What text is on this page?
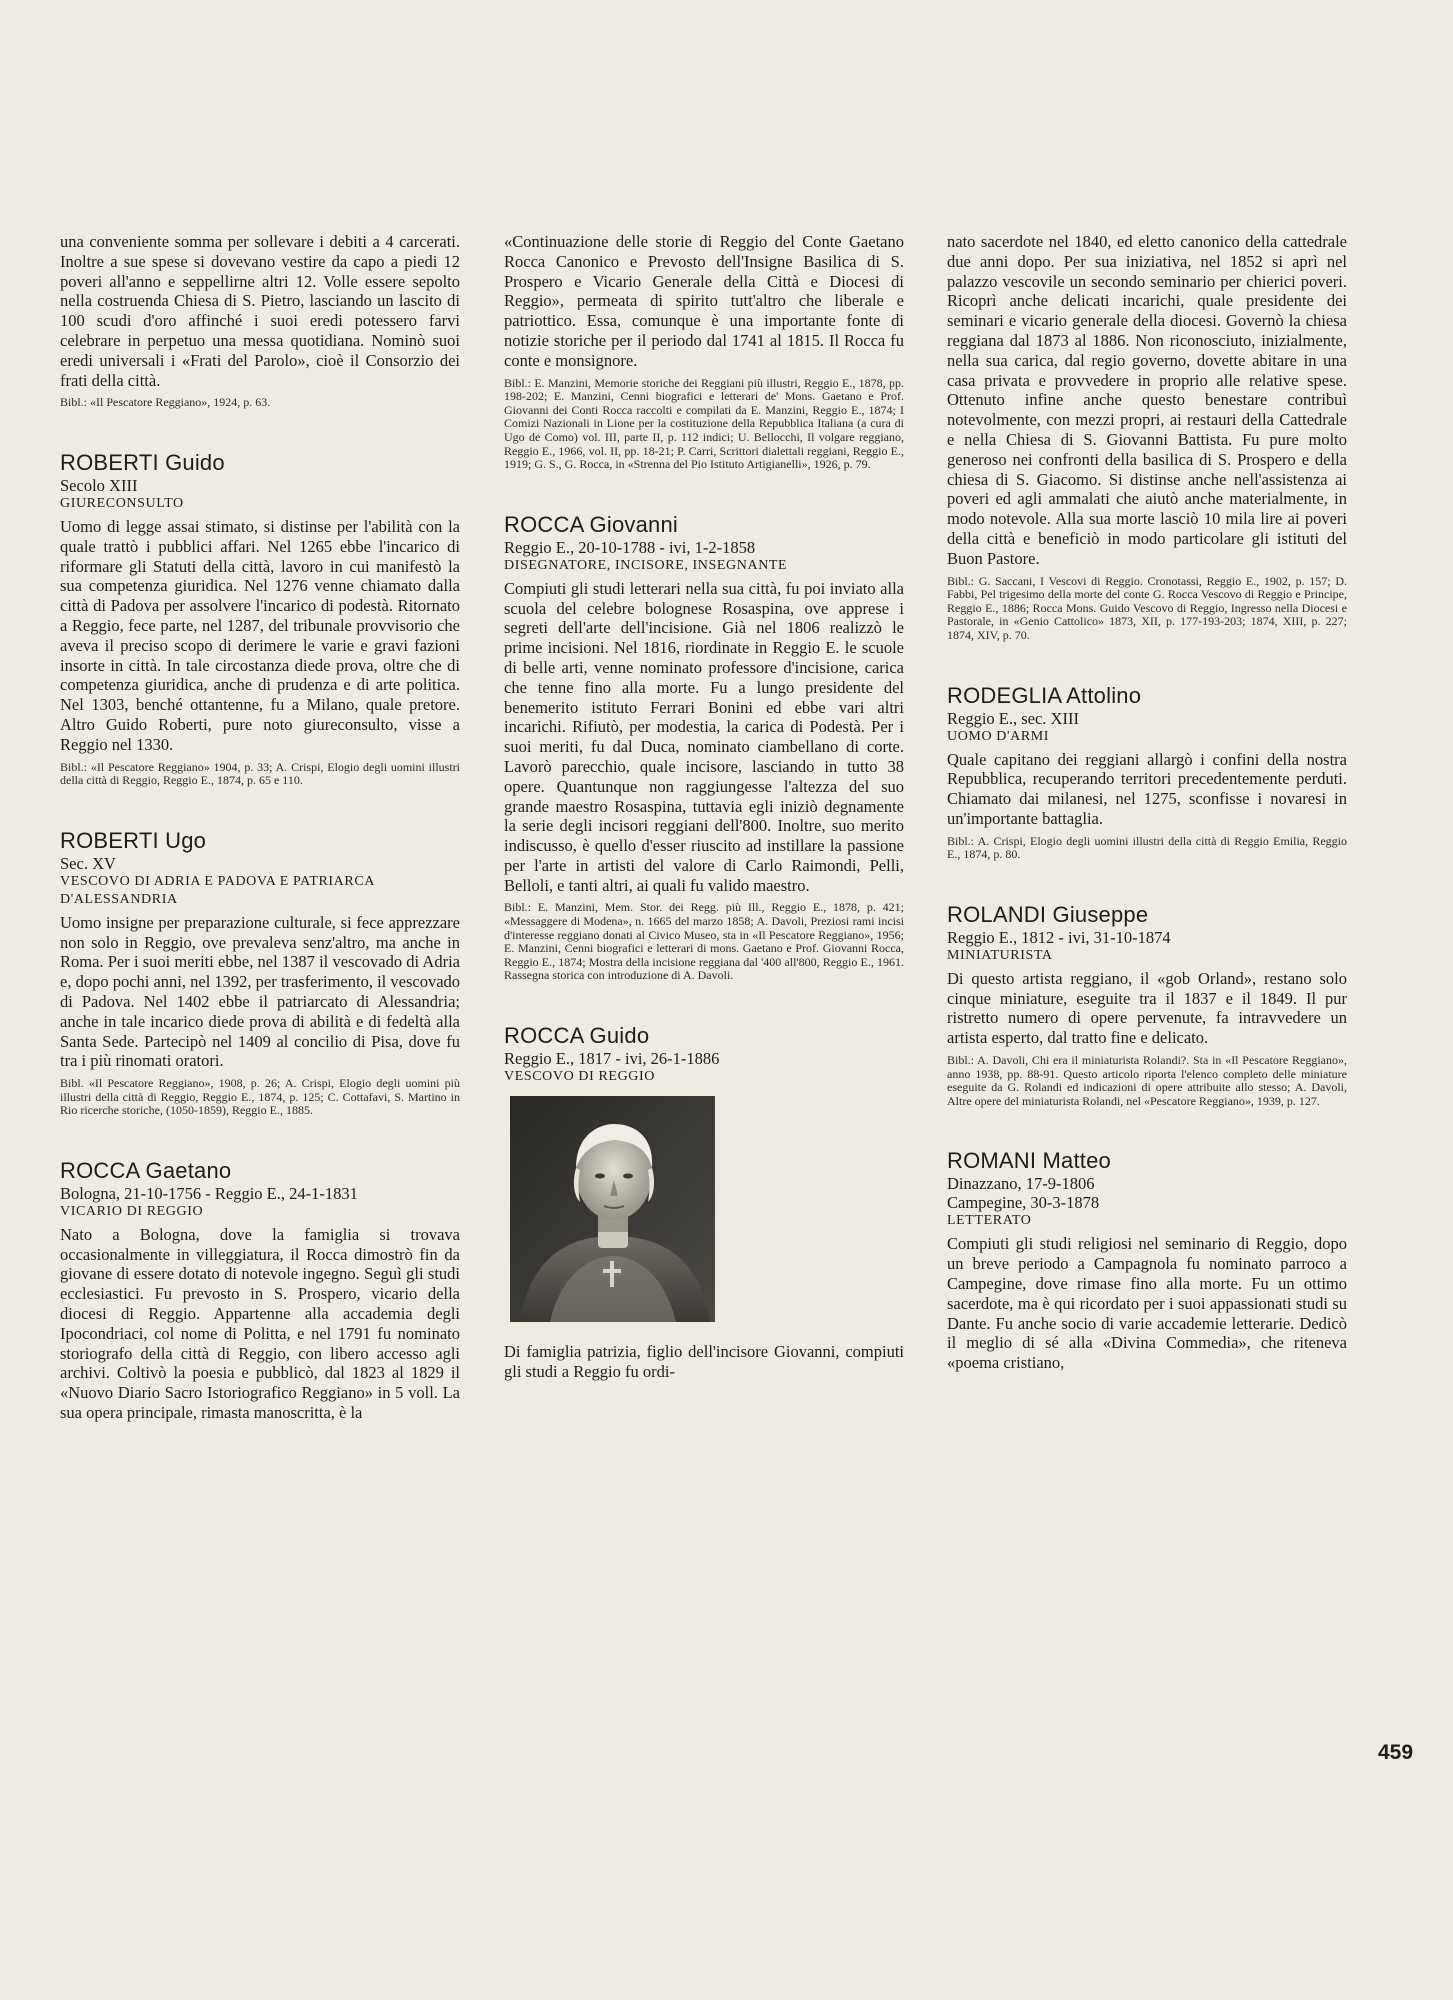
una conveniente somma per sollevare i debiti a 4 carcerati. Inoltre a sue spese si dovevano vestire da capo a piedi 12 poveri all'anno e seppellirne altri 12. Volle essere sepolto nella costruenda Chiesa di S. Pietro, lasciando un lascito di 100 scudi d'oro affinché i suoi eredi potessero farvi celebrare in perpetuo una messa quotidiana. Nominò suoi eredi universali i «Frati del Parolo», cioè il Consorzio dei frati della città.

Bibl.: «Il Pescatore Reggiano», 1924, p. 63.

ROBERTI Guido

Secolo XIII

GIURECONSULTO

Uomo di legge assai stimato, si distinse per l'abilità con la quale trattò i pubblici affari. Nel 1265 ebbe l'incarico di riformare gli Statuti della città, lavoro in cui manifestò la sua competenza giuridica. Nel 1276 venne chiamato dalla città di Padova per assolvere l'incarico di podestà. Ritornato a Reggio, fece parte, nel 1287, del tribunale provvisorio che aveva il preciso scopo di derimere le varie e gravi fazioni insorte in città. In tale circostanza diede prova, oltre che di competenza giuridica, anche di prudenza e di arte politica. Nel 1303, benché ottantenne, fu a Milano, quale pretore. Altro Guido Roberti, pure noto giureconsulto, visse a Reggio nel 1330.

Bibl.: «Il Pescatore Reggiano» 1904, p. 33; A. Crispi, Elogio degli uomini illustri della città di Reggio, Reggio E., 1874, p. 65 e 110.

ROBERTI Ugo

Sec. XV

VESCOVO DI ADRIA E PADOVA E PATRIARCA D'ALESSANDRIA

Uomo insigne per preparazione culturale, si fece apprezzare non solo in Reggio, ove prevaleva senz'altro, ma anche in Roma. Per i suoi meriti ebbe, nel 1387 il vescovado di Adria e, dopo pochi anni, nel 1392, per trasferimento, il vescovado di Padova. Nel 1402 ebbe il patriarcato di Alessandria; anche in tale incarico diede prova di abilità e di fedeltà alla Santa Sede. Partecipò nel 1409 al concilio di Pisa, dove fu tra i più rinomati oratori.

Bibl. «Il Pescatore Reggiano», 1908, p. 26; A. Crispi, Elogio degli uomini più illustri della città di Reggio, Reggio E., 1874, p. 125; C. Cottafavi, S. Martino in Rio ricerche storiche, (1050-1859), Reggio E., 1885.

ROCCA Gaetano

Bologna, 21-10-1756 - Reggio E., 24-1-1831

VICARIO DI REGGIO

Nato a Bologna, dove la famiglia si trovava occasionalmente in villeggiatura, il Rocca dimostrò fin da giovane di essere dotato di notevole ingegno. Seguì gli studi ecclesiastici. Fu prevosto in S. Prospero, vicario della diocesi di Reggio. Appartenne alla accademia degli Ipocondriaci, col nome di Politta, e nel 1791 fu nominato storiografo della città di Reggio, con libero accesso agli archivi. Coltivò la poesia e pubblicò, dal 1823 al 1829 il «Nuovo Diario Sacro Istoriografico Reggiano» in 5 voll. La sua opera principale, rimasta manoscritta, è la

«Continuazione delle storie di Reggio del Conte Gaetano Rocca Canonico e Prevosto dell'Insigne Basilica di S. Prospero e Vicario Generale della Città e Diocesi di Reggio», permeata di spirito tutt'altro che liberale e patriottico. Essa, comunque è una importante fonte di notizie storiche per il periodo dal 1741 al 1815. Il Rocca fu conte e monsignore.

Bibl.: E. Manzini, Memorie storiche dei Reggiani più illustri, Reggio E., 1878, pp. 198-202; E. Manzini, Cenni biografici e letterari de' Mons. Gaetano e Prof. Giovanni dei Conti Rocca raccolti e compilati da E. Manzini, Reggio E., 1874; I Comizi Nazionali in Lione per la costituzione della Repubblica Italiana (a cura di Ugo de Como) vol. III, parte II, p. 112 indici; U. Bellocchi, Il volgare reggiano, Reggio E., 1966, vol. II, pp. 18-21; P. Carri, Scrittori dialettali reggiani, Reggio E., 1919; G. S., G. Rocca, in «Strenna del Pio Istituto Artigianelli», 1926, p. 79.

ROCCA Giovanni

Reggio E., 20-10-1788 - ivi, 1-2-1858

DISEGNATORE, INCISORE, INSEGNANTE

Compiuti gli studi letterari nella sua città, fu poi inviato alla scuola del celebre bolognese Rosaspina, ove apprese i segreti dell'arte dell'incisione. Già nel 1806 realizzò le prime incisioni. Nel 1816, riordinate in Reggio E. le scuole di belle arti, venne nominato professore d'incisione, carica che tenne fino alla morte. Fu a lungo presidente del benemerito istituto Ferrari Bonini ed ebbe vari altri incarichi. Rifiutò, per modestia, la carica di Podestà. Per i suoi meriti, fu dal Duca, nominato ciambellano di corte. Lavorò parecchio, quale incisore, lasciando in tutto 38 opere. Quantunque non raggiungesse l'altezza del suo grande maestro Rosaspina, tuttavia egli iniziò degnamente la serie degli incisori reggiani dell'800. Inoltre, suo merito indiscusso, è quello d'esser riuscito ad instillare la passione per l'arte in artisti del valore di Carlo Raimondi, Pelli, Belloli, e tanti altri, ai quali fu valido maestro.

Bibl.: E. Manzini, Mem. Stor. dei Regg. più Ill., Reggio E., 1878, p. 421; «Messaggere di Modena», n. 1665 del marzo 1858; A. Davoli, Preziosi rami incisi d'interesse reggiano donati al Civico Museo, sta in «Il Pescatore Reggiano», 1956; E. Manzini, Cenni biografici e letterari di mons. Gaetano e Prof. Giovanni Rocca, Reggio E., 1874; Mostra della incisione reggiana dal '400 all'800, Reggio E., 1961. Rassegna storica con introduzione di A. Davoli.

ROCCA Guido

Reggio E., 1817 - ivi, 26-1-1886

VESCOVO DI REGGIO

Di famiglia patrizia, figlio dell'incisore Giovanni, compiuti gli studi a Reggio fu ordi-

nato sacerdote nel 1840, ed eletto canonico della cattedrale due anni dopo. Per sua iniziativa, nel 1852 si aprì nel palazzo vescovile un secondo seminario per chierici poveri. Ricoprì anche delicati incarichi, quale presidente dei seminari e vicario generale della diocesi. Governò la chiesa reggiana dal 1873 al 1886. Non riconosciuto, inizialmente, nella sua carica, dal regio governo, dovette abitare in una casa privata e provvedere in proprio alle relative spese. Ottenuto infine anche questo benestare contribuì notevolmente, con mezzi propri, ai restauri della Cattedrale e nella Chiesa di S. Giovanni Battista. Fu pure molto generoso nei confronti della basilica di S. Prospero e della chiesa di S. Giacomo. Si distinse anche nell'assistenza ai poveri ed agli ammalati che aiutò anche materialmente, in modo notevole. Alla sua morte lasciò 10 mila lire ai poveri della città e beneficiò in modo particolare gli istituti del Buon Pastore.

Bibl.: G. Saccani, I Vescovi di Reggio. Cronotassi, Reggio E., 1902, p. 157; D. Fabbi, Pel trigesimo della morte del conte G. Rocca Vescovo di Reggio e Principe, Reggio E., 1886; Rocca Mons. Guido Vescovo di Reggio, Ingresso nella Diocesi e Pastorale, in «Genio Cattolico» 1873, XII, p. 177-193-203; 1874, XIII, p. 227; 1874, XIV, p. 70.

RODEGLIA Attolino

Reggio E., sec. XIII

UOMO D'ARMI

Quale capitano dei reggiani allargò i confini della nostra Repubblica, recuperando territori precedentemente perduti. Chiamato dai milanesi, nel 1275, sconfisse i novaresi in un'importante battaglia.

Bibl.: A. Crispi, Elogio degli uomini illustri della città di Reggio Emilia, Reggio E., 1874, p. 80.

ROLANDI Giuseppe

Reggio E., 1812 - ivi, 31-10-1874

MINIATURISTA

Di questo artista reggiano, il «gob Orland», restano solo cinque miniature, eseguite tra il 1837 e il 1849. Il pur ristretto numero di opere pervenute, fa intravvedere un artista esperto, dal tratto fine e delicato.

Bibl.: A. Davoli, Chi era il miniaturista Rolandi?. Sta in «Il Pescatore Reggiano», anno 1938, pp. 88-91. Questo articolo riporta l'elenco completo delle miniature eseguite da G. Rolandi ed indicazioni di opere attribuite allo stesso; A. Davoli, Altre opere del miniaturista Rolandi, nel «Pescatore Reggiano», 1939, p. 127.

ROMANI Matteo

Dinazzano, 17-9-1806

Campegine, 30-3-1878

LETTERATO

Compiuti gli studi religiosi nel seminario di Reggio, dopo un breve periodo a Campagnola fu nominato parroco a Campegine, dove rimase fino alla morte. Fu un ottimo sacerdote, ma è qui ricordato per i suoi appassionati studi su Dante. Fu anche socio di varie accademie letterarie. Dedicò il meglio di sé alla «Divina Commedia», che riteneva «poema cristiano,

459
